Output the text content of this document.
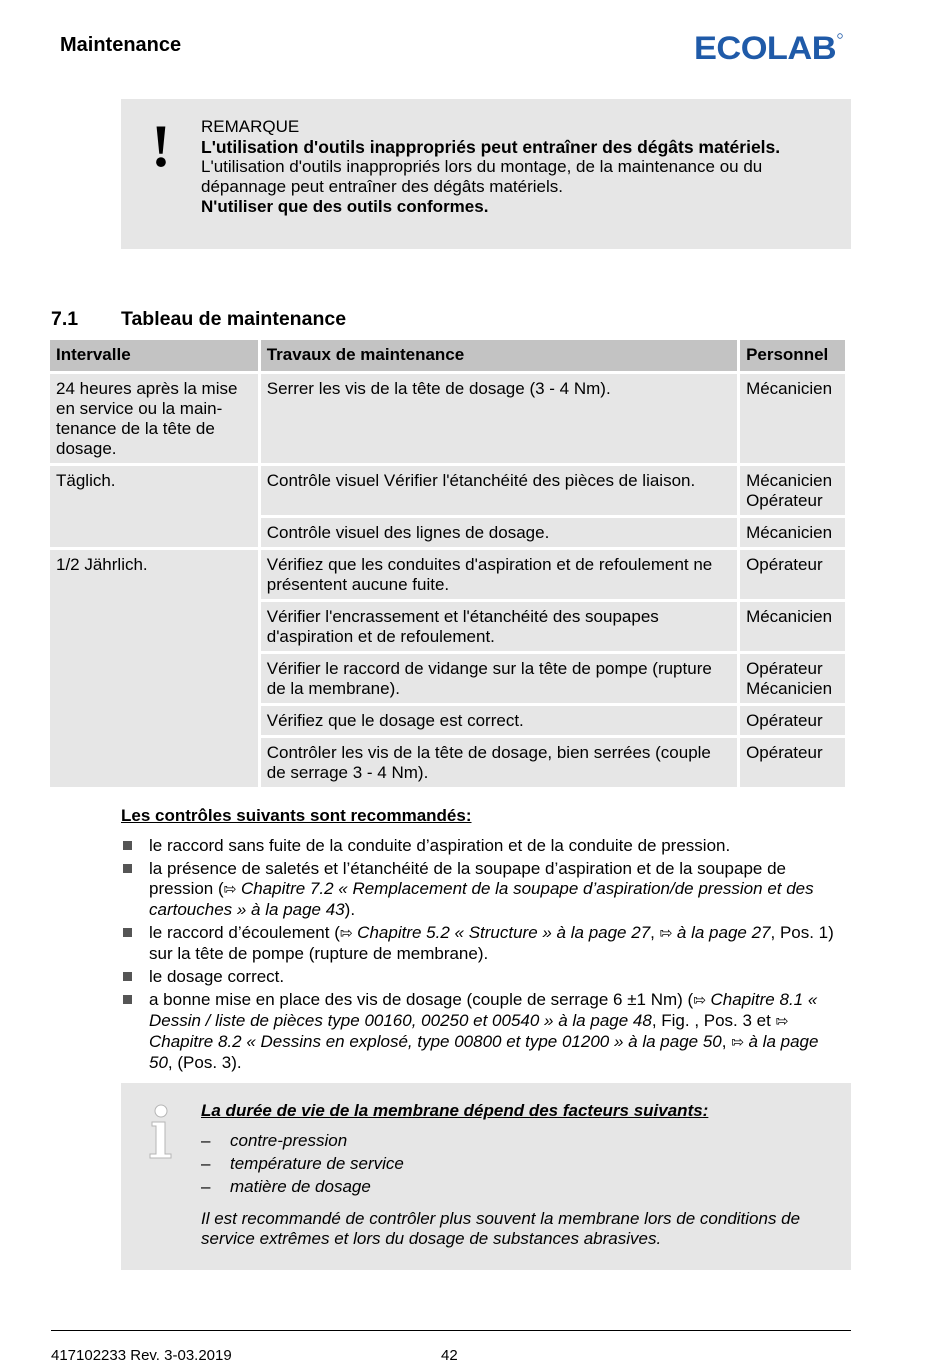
Maintenance	ECOLAB
! REMARQUE
L'utilisation d'outils inappropriés peut entraîner des dégâts matériels.
L'utilisation d'outils inappropriés lors du montage, de la maintenance ou du dépannage peut entraîner des dégâts matériels.
N'utiliser que des outils conformes.
7.1 Tableau de maintenance
Intervalle	Travaux de maintenance	Personnel
24 heures après la mise en service ou la main-tenance de la tête de dosage.	Serrer les vis de la tête de dosage (3 - 4 Nm).	Mécanicien
Täglich.	Contrôle visuel Vérifier l'étanchéité des pièces de liaison.	Mécanicien Opérateur
	Contrôle visuel des lignes de dosage.	Mécanicien
1/2 Jährlich.	Vérifiez que les conduites d'aspiration et de refoulement ne présentent aucune fuite.	Opérateur
	Vérifier l'encrassement et l'étanchéité des soupapes d'aspiration et de refoulement.	Mécanicien
	Vérifier le raccord de vidange sur la tête de pompe (rupture de la membrane).	Opérateur Mécanicien
	Vérifiez que le dosage est correct.	Opérateur
	Contrôler les vis de la tête de dosage, bien serrées (couple de serrage 3 - 4 Nm).	Opérateur
Les contrôles suivants sont recommandés:
le raccord sans fuite de la conduite d’aspiration et de la conduite de pression.
la présence de saletés et l’étanchéité de la soupape d’aspiration et de la soupape de pression (⇰ Chapitre 7.2 « Remplacement de la soupape d’aspiration/de pression et des cartouches » à la page 43).
le raccord d’écoulement (⇰ Chapitre 5.2 « Structure » à la page 27, ⇰ à la page 27, Pos. 1) sur la tête de pompe (rupture de membrane).
le dosage correct.
a bonne mise en place des vis de dosage (couple de serrage 6 ±1 Nm) (⇰ Chapitre 8.1 « Dessin / liste de pièces type 00160, 00250 et 00540 » à la page 48, Fig. , Pos. 3 et ⇰ Chapitre 8.2 « Dessins en explosé, type 00800 et type 01200 » à la page 50, ⇰ à la page 50, (Pos. 3).
La durée de vie de la membrane dépend des facteurs suivants:
– contre-pression
– température de service
– matière de dosage
Il est recommandé de contrôler plus souvent la membrane lors de conditions de service extrêmes et lors du dosage de substances abrasives.
417102233 Rev. 3-03.2019	42
